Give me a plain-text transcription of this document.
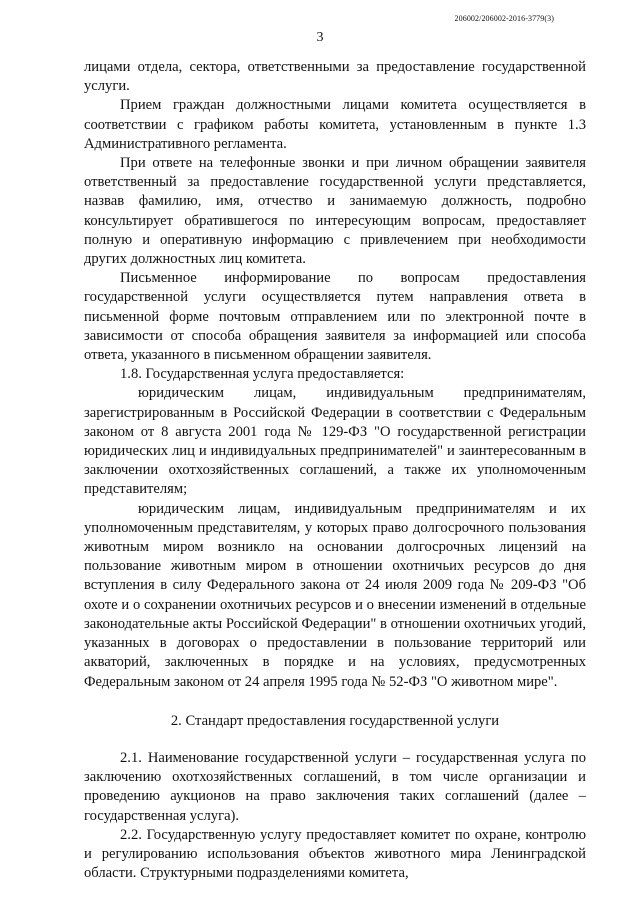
206002/206002-2016-3779(3)
3

лицами отдела, сектора, ответственными за предоставление государственной услуги.

Прием граждан должностными лицами комитета осуществляется в соответствии с графиком работы комитета, установленным в пункте 1.3 Административного регламента.

При ответе на телефонные звонки и при личном обращении заявителя ответственный за предоставление государственной услуги представляется, назвав фамилию, имя, отчество и занимаемую должность, подробно консультирует обратившегося по интересующим вопросам, предоставляет полную и оперативную информацию с привлечением при необходимости других должностных лиц комитета.

Письменное информирование по вопросам предоставления государственной услуги осуществляется путем направления ответа в письменной форме почтовым отправлением или по электронной почте в зависимости от способа обращения заявителя за информацией или способа ответа, указанного в письменном обращении заявителя.

1.8. Государственная услуга предоставляется:

юридическим лицам, индивидуальным предпринимателям, зарегистрированным в Российской Федерации в соответствии с Федеральным законом от 8 августа 2001 года № 129-ФЗ "О государственной регистрации юридических лиц и индивидуальных предпринимателей" и заинтересованным в заключении охотхозяйственных соглашений, а также их уполномоченным представителям;

юридическим лицам, индивидуальным предпринимателям и их уполномоченным представителям, у которых право долгосрочного пользования животным миром возникло на основании долгосрочных лицензий на пользование животным миром в отношении охотничьих ресурсов до дня вступления в силу Федерального закона от 24 июля 2009 года № 209-ФЗ "Об охоте и о сохранении охотничьих ресурсов и о внесении изменений в отдельные законодательные акты Российской Федерации" в отношении охотничьих угодий, указанных в договорах о предоставлении в пользование территорий или акваторий, заключенных в порядке и на условиях, предусмотренных Федеральным законом от 24 апреля 1995 года № 52-ФЗ "О животном мире".

2. Стандарт предоставления государственной услуги

2.1. Наименование государственной услуги – государственная услуга по заключению охотхозяйственных соглашений, в том числе организации и проведению аукционов на право заключения таких соглашений (далее – государственная услуга).

2.2. Государственную услугу предоставляет комитет по охране, контролю и регулированию использования объектов животного мира Ленинградской области. Структурными подразделениями комитета,
